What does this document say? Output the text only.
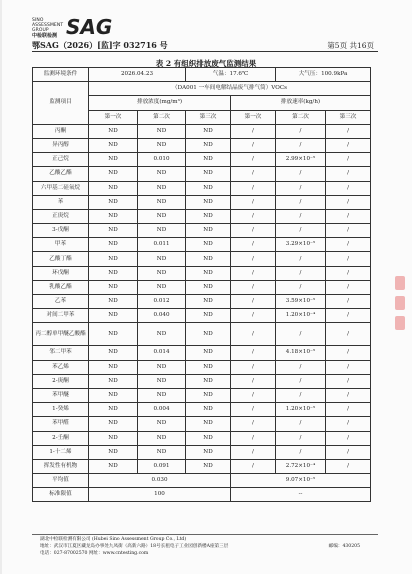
SINO ASSESSMENT GROUP
中检联检测 SAG
鄂SAG（2026）[监]字 032716 号	第5页 共16页
表 2 有组织排放废气监测结果
监测环境条件	2026.04.23		气温：17.6℃		大气压：100.9kPa	
监测项目	（DA001 一车间电解结晶废气排气筒）VOCs					
	排放浓度(mg/m³)			排放速率(kg/h)		
	第一次	第二次	第三次	第一次	第二次	第三次
丙酮	ND	ND	ND	/	/	/
异丙醇	ND	ND	ND	/	/	/
正己烷	ND	0.010	ND	/	2.99×10⁻⁵	/
乙酸乙酯	ND	ND	ND	/	/	/
六甲基二硅氧烷	ND	ND	ND	/	/	/
苯	ND	ND	ND	/	/	/
正庚烷	ND	ND	ND	/	/	/
3-戊酮	ND	ND	ND	/	/	/
甲苯	ND	0.011	ND	/	3.29×10⁻⁵	/
乙酸丁酯	ND	ND	ND	/	/	/
环戊酮	ND	ND	ND	/	/	/
乳酸乙酯	ND	ND	ND	/	/	/
乙苯	ND	0.012	ND	/	3.59×10⁻⁵	/
对间二甲苯	ND	0.040	ND	/	1.20×10⁻⁴	/
丙二醇单甲醚乙酸酯	ND	ND	ND	/	/	/
邻二甲苯	ND	0.014	ND	/	4.18×10⁻⁵	/
苯乙烯	ND	ND	ND	/	/	/
2-庚酮	ND	ND	ND	/	/	/
苯甲醚	ND	ND	ND	/	/	/
1-癸烯	ND	0.004	ND	/	1.20×10⁻⁵	/
苯甲醛	ND	ND	ND	/	/	/
2-壬酮	ND	ND	ND	/	/	/
1-十二烯	ND	ND	ND	/	/	/
挥发性有机物	ND	0.091	ND	/	2.72×10⁻⁴	/
平均值	0.030			9.07×10⁻⁵		
标准限值	100			--		
湖北中检联检测有限公司 (Hubei Sino Assessment Group Co., Ltd)
地址：武汉市江夏区藏龙岛办事处九凤街（高新六路）18号长租电子工业园创新楼A座第三层	邮编：430205
电话：027-87002570 网址：www.cntesting.com
